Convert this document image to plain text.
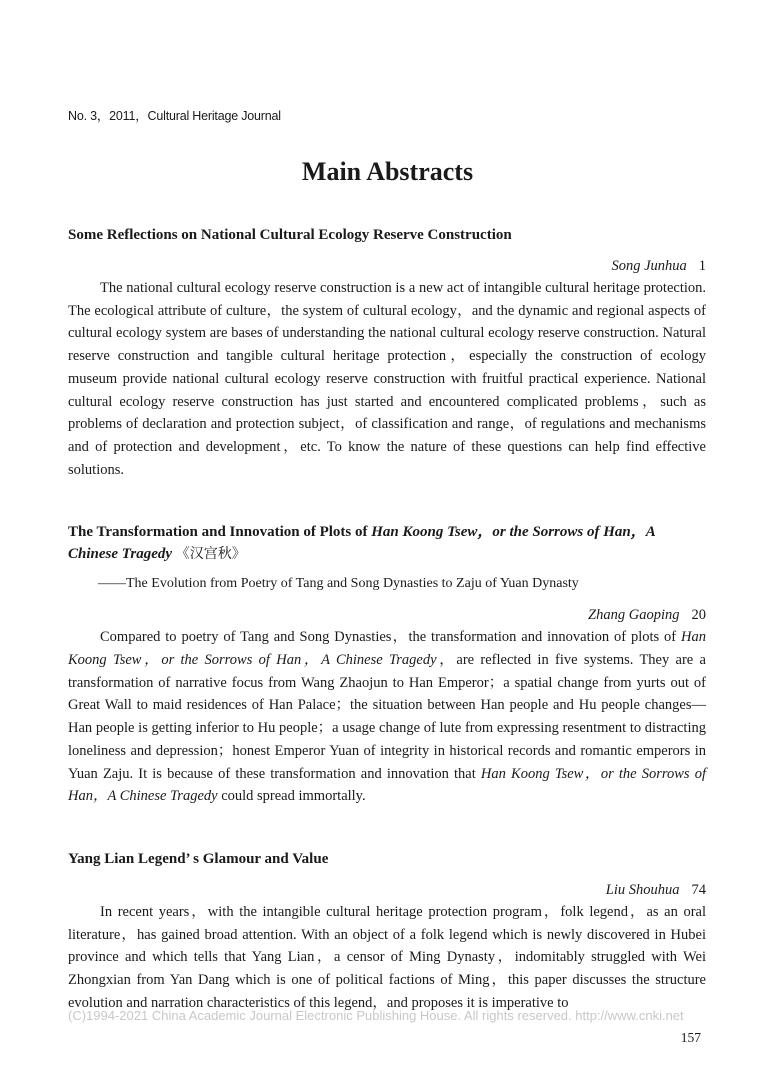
No. 3，2011，Cultural Heritage Journal
Main Abstracts
Some Reflections on National Cultural Ecology Reserve Construction
Song Junhua 1

The national cultural ecology reserve construction is a new act of intangible cultural heritage protection. The ecological attribute of culture，the system of cultural ecology，and the dynamic and regional aspects of cultural ecology system are bases of understanding the national cultural ecology reserve construction. Natural reserve construction and tangible cultural heritage protection，especially the construction of ecology museum provide national cultural ecology reserve construction with fruitful practical experience. National cultural ecology reserve construction has just started and encountered complicated problems，such as problems of declaration and protection subject，of classification and range，of regulations and mechanisms and of protection and development，etc. To know the nature of these questions can help find effective solutions.

The Transformation and Innovation of Plots of Han Koong Tsew，or the Sorrows of Han，A Chinese Tragedy 《汉宫秋》
——The Evolution from Poetry of Tang and Song Dynasties to Zaju of Yuan Dynasty
Zhang Gaoping 20

Compared to poetry of Tang and Song Dynasties，the transformation and innovation of plots of Han Koong Tsew，or the Sorrows of Han，A Chinese Tragedy，are reflected in five systems. They are a transformation of narrative focus from Wang Zhaojun to Han Emperor；a spatial change from yurts out of Great Wall to maid residences of Han Palace；the situation between Han people and Hu people changes—Han people is getting inferior to Hu people；a usage change of lute from expressing resentment to distracting loneliness and depression；honest Emperor Yuan of integrity in historical records and romantic emperors in Yuan Zaju. It is because of these transformation and innovation that Han Koong Tsew，or the Sorrows of Han，A Chinese Tragedy could spread immortally.

Yang Lian Legend’ s Glamour and Value
Liu Shouhua 74

In recent years，with the intangible cultural heritage protection program，folk legend，as an oral literature，has gained broad attention. With an object of a folk legend which is newly discovered in Hubei province and which tells that Yang Lian，a censor of Ming Dynasty，indomitably struggled with Wei Zhongxian from Yan Dang which is one of political factions of Ming，this paper discusses the structure evolution and narration characteristics of this legend，and proposes it is imperative to

(C)1994-2021 China Academic Journal Electronic Publishing House. All rights reserved. http://www.cnki.net
157
